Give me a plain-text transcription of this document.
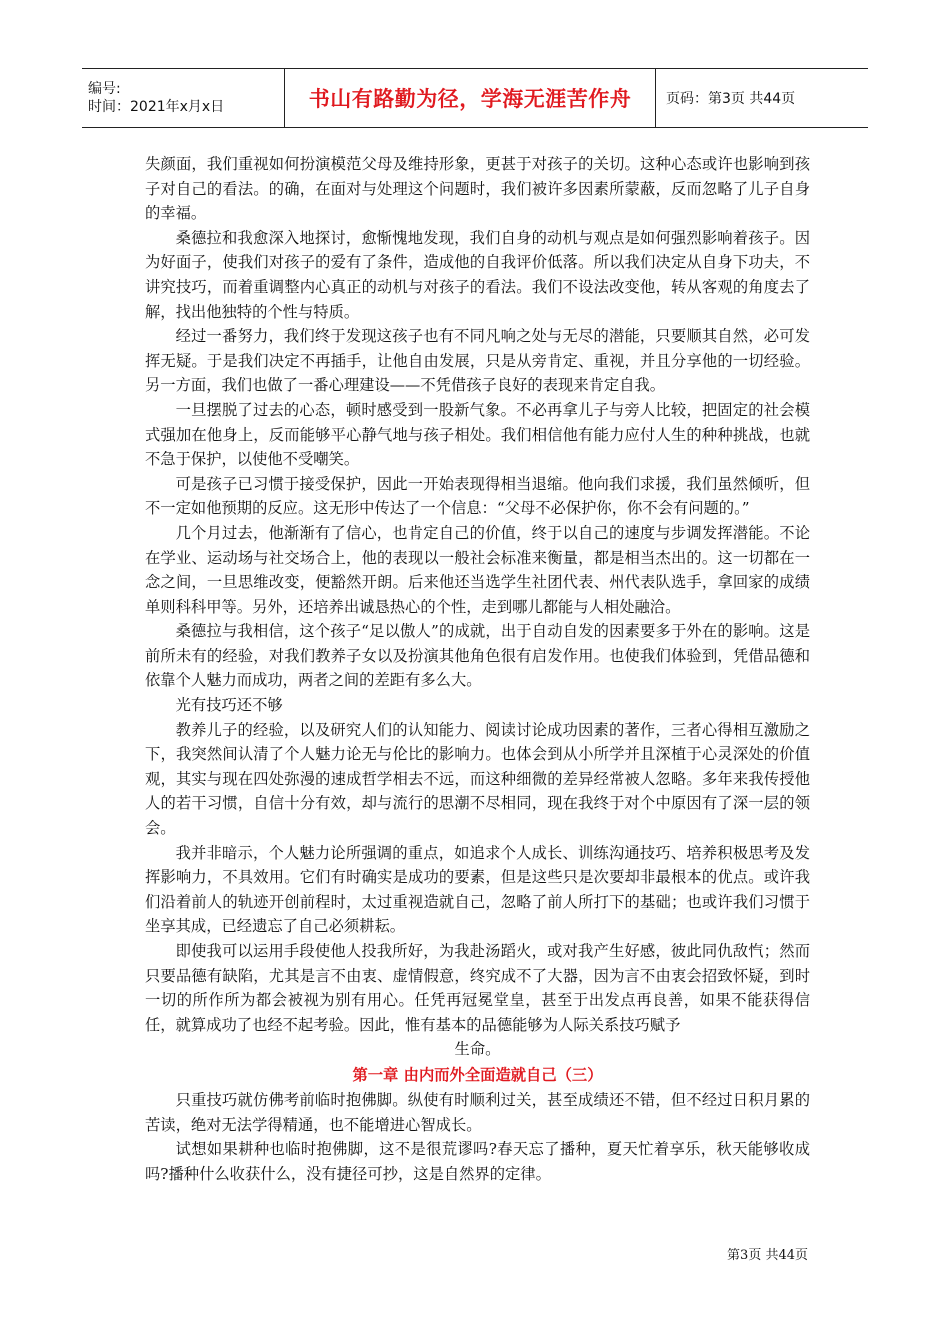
编号:
时间：2021年x月x日	书山有路勤为径，学海无涯苦作舟 页码：第3页 共44页

失颜面，我们重视如何扮演模范父母及维持形象，更甚于对孩子的关切。这种心态或许也影响到孩子对自己的看法。的确，在面对与处理这个问题时，我们被许多因素所蒙蔽，反而忽略了儿子自身的幸福。

桑德拉和我愈深入地探讨，愈惭愧地发现，我们自身的动机与观点是如何强烈影响着孩子。因为好面子，使我们对孩子的爱有了条件，造成他的自我评价低落。所以我们决定从自身下功夫，不讲究技巧，而着重调整内心真正的动机与对孩子的看法。我们不设法改变他，转从客观的角度去了解，找出他独特的个性与特质。

经过一番努力，我们终于发现这孩子也有不同凡响之处与无尽的潜能，只要顺其自然，必可发挥无疑。于是我们决定不再插手，让他自由发展，只是从旁肯定、重视，并且分享他的一切经验。另一方面，我们也做了一番心理建设——不凭借孩子良好的表现来肯定自我。

一旦摆脱了过去的心态，顿时感受到一股新气象。不必再拿儿子与旁人比较，把固定的社会模式强加在他身上，反而能够平心静气地与孩子相处。我们相信他有能力应付人生的种种挑战，也就不急于保护，以使他不受嘲笑。

可是孩子已习惯于接受保护，因此一开始表现得相当退缩。他向我们求援，我们虽然倾听，但不一定如他预期的反应。这无形中传达了一个信息：“父母不必保护你，你不会有问题的。”

几个月过去，他渐渐有了信心，也肯定自己的价值，终于以自己的速度与步调发挥潜能。不论在学业、运动场与社交场合上，他的表现以一般社会标准来衡量，都是相当杰出的。这一切都在一念之间，一旦思维改变，便豁然开朗。后来他还当选学生社团代表、州代表队选手，拿回家的成绩单则科科甲等。另外，还培养出诚恳热心的个性，走到哪儿都能与人相处融洽。

桑德拉与我相信，这个孩子“足以傲人”的成就，出于自动自发的因素要多于外在的影响。这是前所未有的经验，对我们教养子女以及扮演其他角色很有启发作用。也使我们体验到，凭借品德和依靠个人魅力而成功，两者之间的差距有多么大。

光有技巧还不够

教养儿子的经验，以及研究人们的认知能力、阅读讨论成功因素的著作，三者心得相互激励之下，我突然间认清了个人魅力论无与伦比的影响力。也体会到从小所学并且深植于心灵深处的价值观，其实与现在四处弥漫的速成哲学相去不远，而这种细微的差异经常被人忽略。多年来我传授他人的若干习惯，自信十分有效，却与流行的思潮不尽相同，现在我终于对个中原因有了深一层的领会。

我并非暗示，个人魅力论所强调的重点，如追求个人成长、训练沟通技巧、培养积极思考及发挥影响力，不具效用。它们有时确实是成功的要素，但是这些只是次要却非最根本的优点。或许我们沿着前人的轨迹开创前程时，太过重视造就自己，忽略了前人所打下的基础；也或许我们习惯于坐享其成，已经遗忘了自己必须耕耘。

即使我可以运用手段使他人投我所好，为我赴汤蹈火，或对我产生好感，彼此同仇敌忾；然而只要品德有缺陷，尤其是言不由衷、虚情假意，终究成不了大器，因为言不由衷会招致怀疑，到时一切的所作所为都会被视为别有用心。任凭再冠冕堂皇，甚至于出发点再良善，如果不能获得信任，就算成功了也经不起考验。因此，惟有基本的品德能够为人际关系技巧赋予

生命。

第一章 由内而外全面造就自己（三）

只重技巧就仿佛考前临时抱佛脚。纵使有时顺利过关，甚至成绩还不错，但不经过日积月累的苦读，绝对无法学得精通，也不能增进心智成长。

试想如果耕种也临时抱佛脚，这不是很荒谬吗?春天忘了播种，夏天忙着享乐，秋天能够收成吗?播种什么收获什么，没有捷径可抄，这是自然界的定律。

第3页 共44页
